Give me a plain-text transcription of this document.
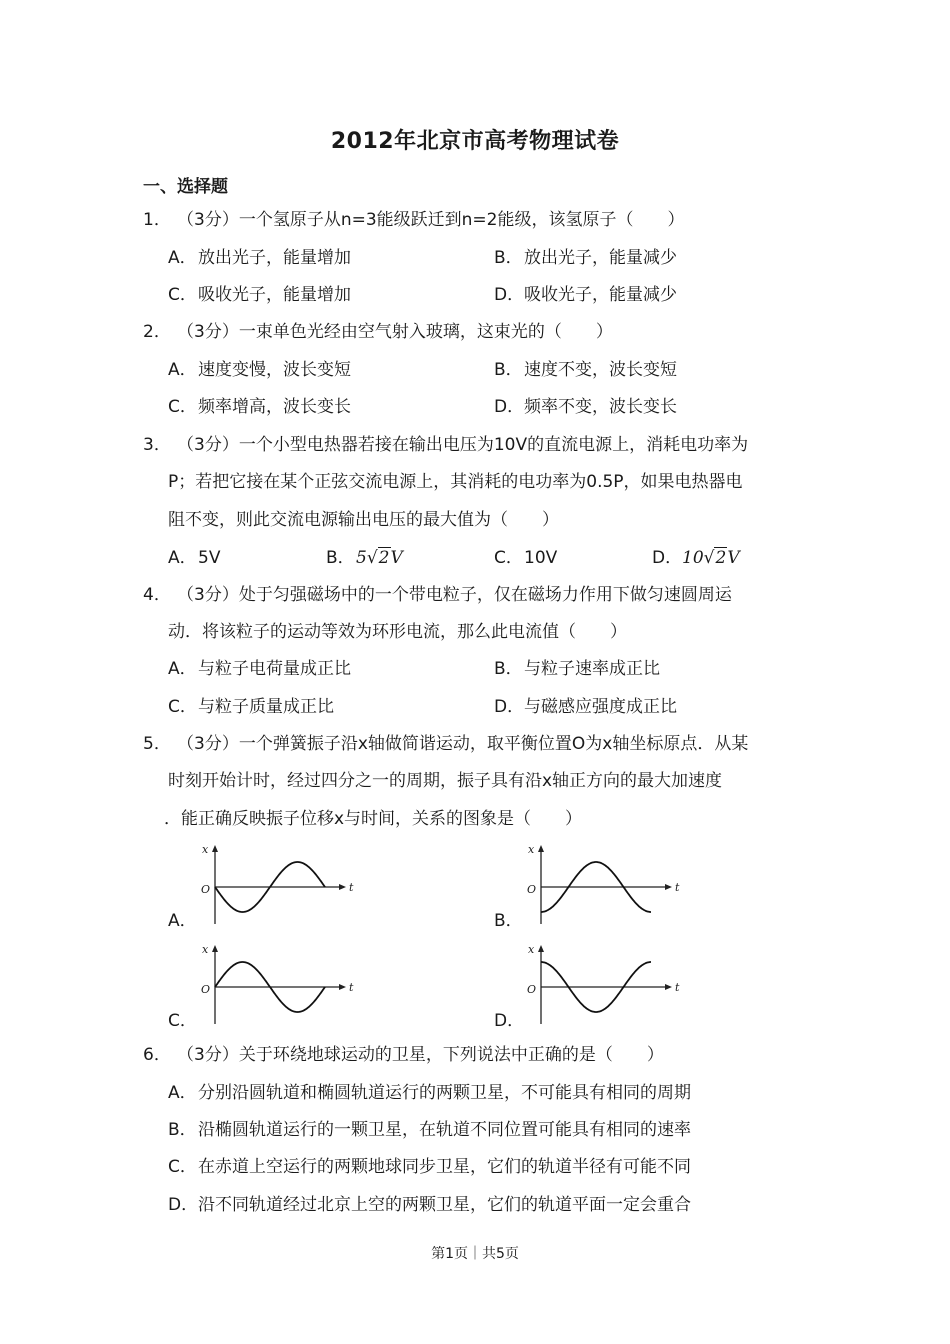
2012年北京市高考物理试卷
一、选择题
1． （3分）一个氢原子从n=3能级跃迁到n=2能级，该氢原子（　　）
A．放出光子，能量增加	B．放出光子，能量减少
C．吸收光子，能量增加	D．吸收光子，能量减少
2． （3分）一束单色光经由空气射入玻璃，这束光的（　　）
A．速度变慢，波长变短	B．速度不变，波长变短
C．频率增高，波长变长	D．频率不变，波长变长
3． （3分）一个小型电热器若接在输出电压为10V的直流电源上，消耗电功率为
P；若把它接在某个正弦交流电源上，其消耗的电功率为0.5P，如果电热器电
阻不变，则此交流电源输出电压的最大值为（　　）
A．5V	B．5√2V	C．10V	D．10√2V
4． （3分）处于匀强磁场中的一个带电粒子，仅在磁场力作用下做匀速圆周运
动．将该粒子的运动等效为环形电流，那么此电流值（　　）
A．与粒子电荷量成正比	B．与粒子速率成正比
C．与粒子质量成正比	D．与磁感应强度成正比
5． （3分）一个弹簧振子沿x轴做简谐运动，取平衡位置O为x轴坐标原点．从某
时刻开始计时，经过四分之一的周期，振子具有沿x轴正方向的最大加速度
．能正确反映振子位移x与时间，关系的图象是（　　）
A．	B．
C．	D．
x
t
O
x
t
O
x
t
O
x
t
O
6． （3分）关于环绕地球运动的卫星，下列说法中正确的是（　　）
A．分别沿圆轨道和椭圆轨道运行的两颗卫星，不可能具有相同的周期
B．沿椭圆轨道运行的一颗卫星，在轨道不同位置可能具有相同的速率
C．在赤道上空运行的两颗地球同步卫星，它们的轨道半径有可能不同
D．沿不同轨道经过北京上空的两颗卫星，它们的轨道平面一定会重合
第1页｜共5页
